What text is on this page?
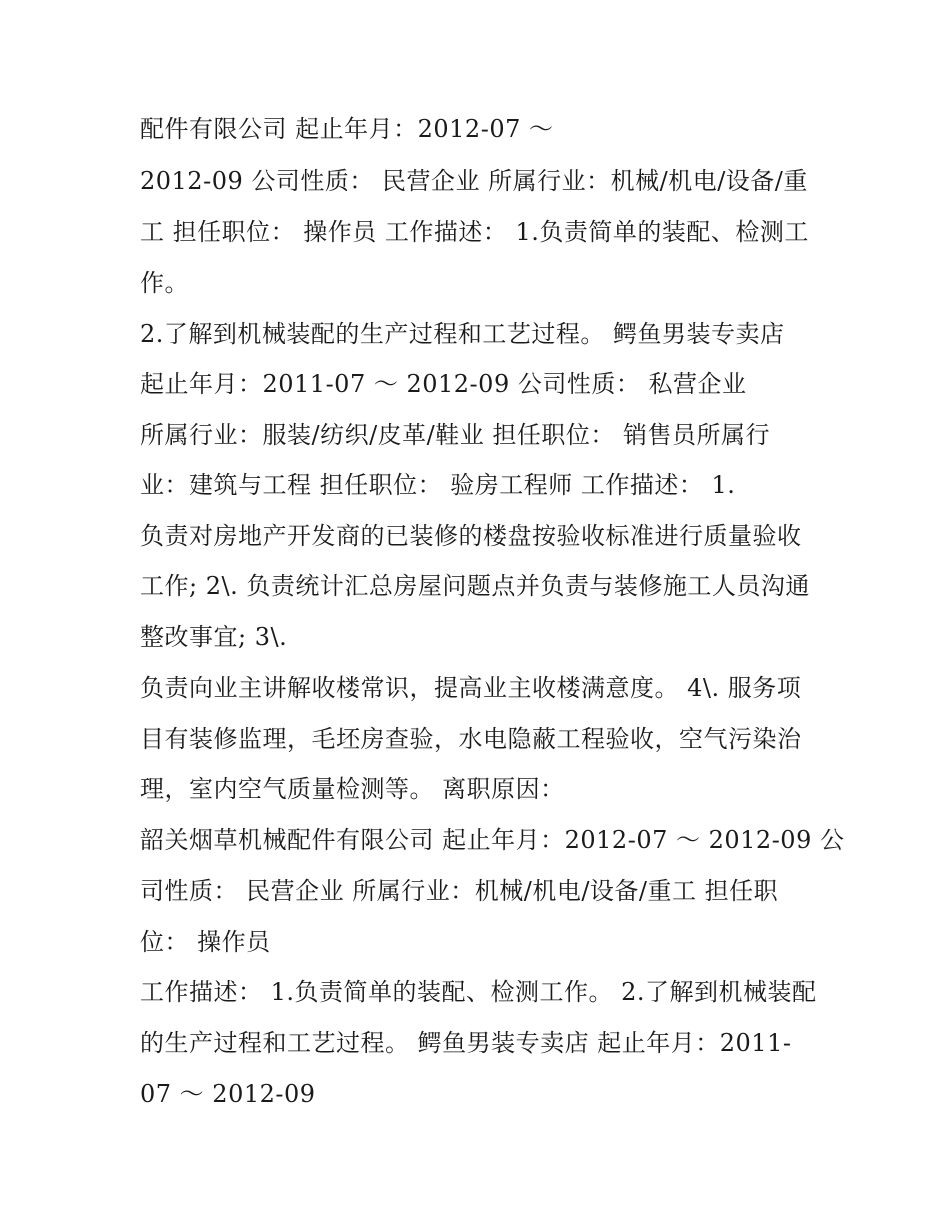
配件有限公司 起止年月：2012-07 ～
2012-09 公司性质： 民营企业 所属行业：机械/机电/设备/重
工 担任职位： 操作员 工作描述： 1.负责简单的装配、检测工
作。
2.了解到机械装配的生产过程和工艺过程。 鳄鱼男装专卖店
起止年月：2011-07 ～ 2012-09 公司性质： 私营企业
所属行业：服装/纺织/皮革/鞋业 担任职位： 销售员所属行
业：建筑与工程 担任职位： 验房工程师 工作描述： 1.
负责对房地产开发商的已装修的楼盘按验收标准进行质量验收
工作; 2\. 负责统计汇总房屋问题点并负责与装修施工人员沟通
整改事宜; 3\.
负责向业主讲解收楼常识，提高业主收楼满意度。 4\. 服务项
目有装修监理，毛坯房查验，水电隐蔽工程验收，空气污染治
理，室内空气质量检测等。 离职原因：
韶关烟草机械配件有限公司 起止年月：2012-07 ～ 2012-09 公
司性质： 民营企业 所属行业：机械/机电/设备/重工 担任职
位： 操作员
工作描述： 1.负责简单的装配、检测工作。 2.了解到机械装配
的生产过程和工艺过程。 鳄鱼男装专卖店 起止年月：2011-
07 ～ 2012-09
